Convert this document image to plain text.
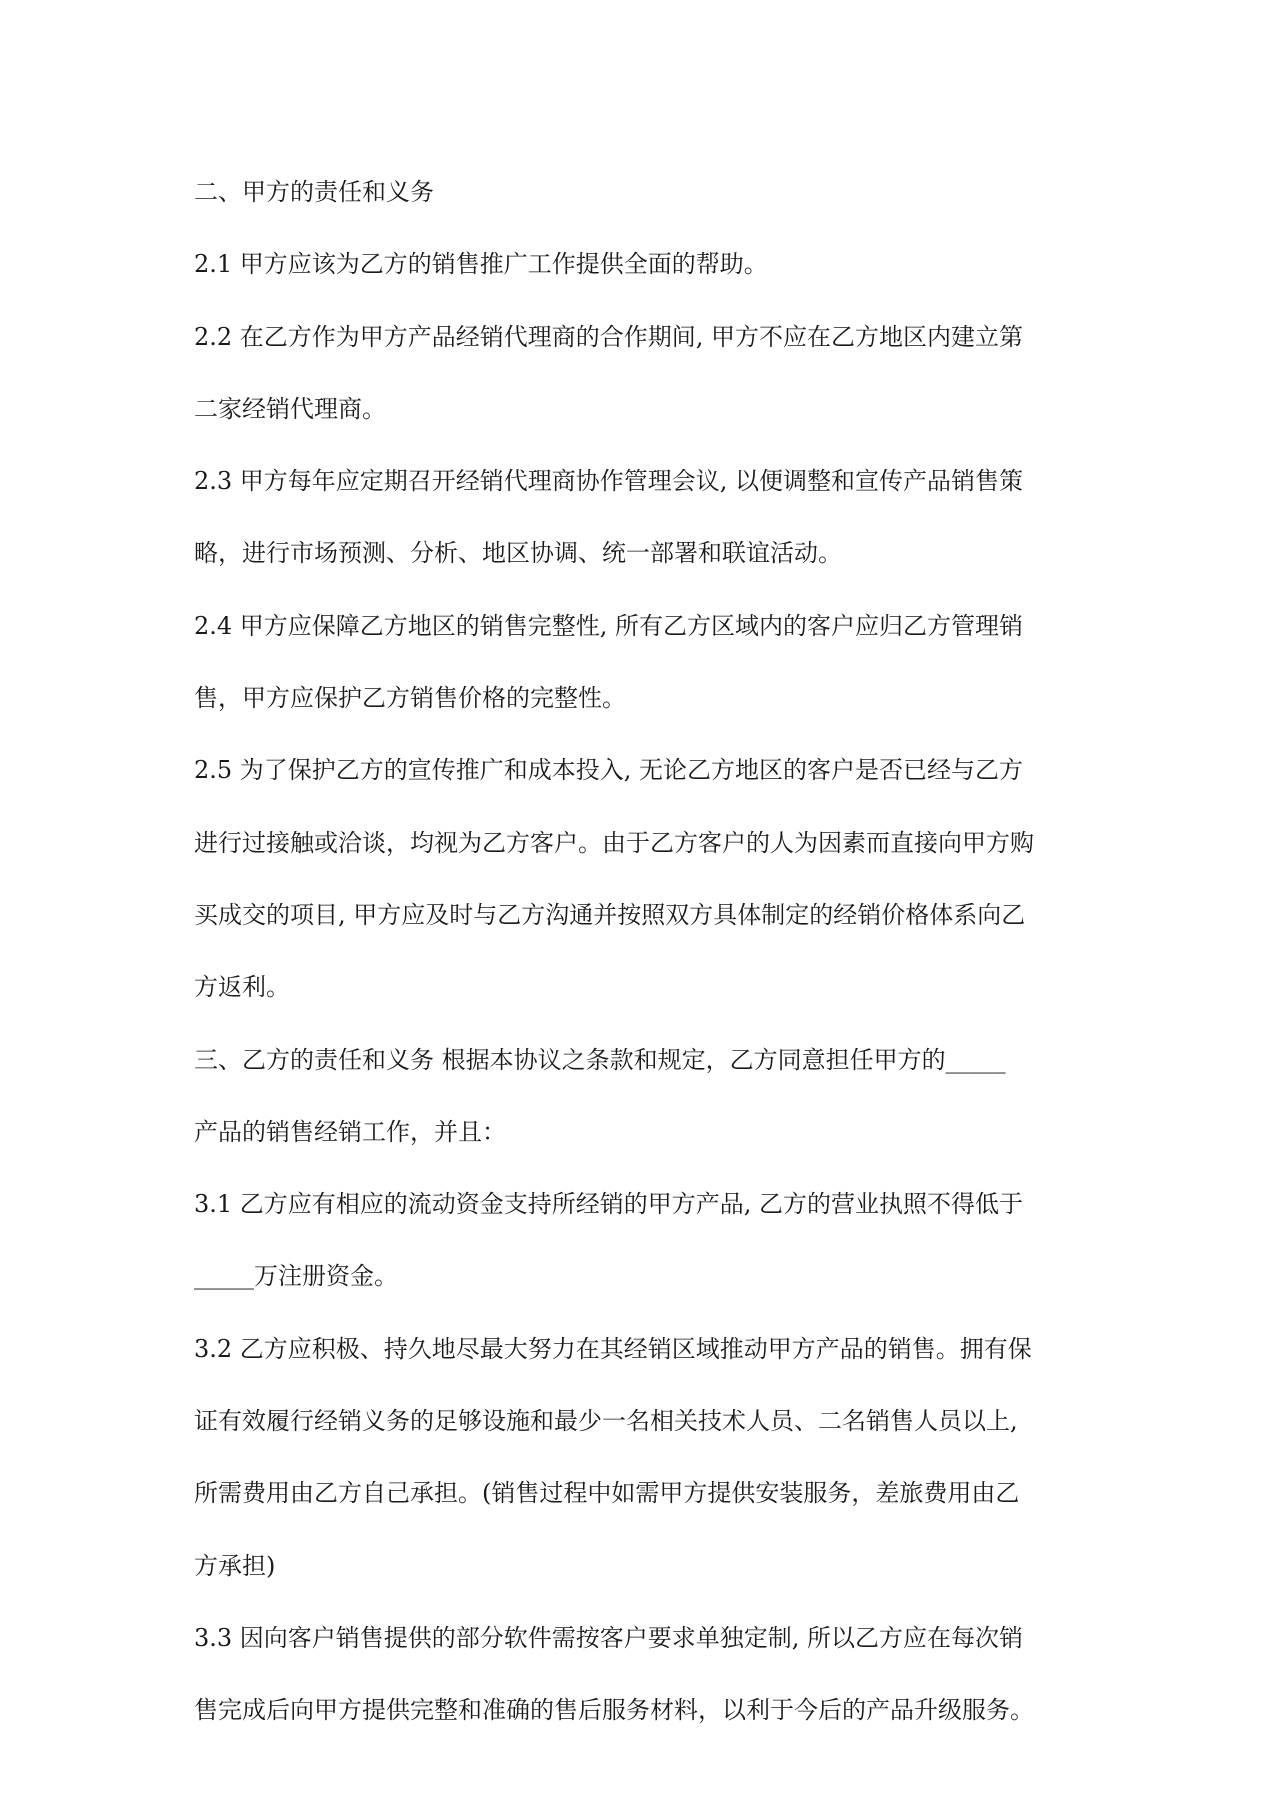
二、甲方的责任和义务
2.1 甲方应该为乙方的销售推广工作提供全面的帮助。
2.2 在乙方作为甲方产品经销代理商的合作期间, 甲方不应在乙方地区内建立第
二家经销代理商。
2.3 甲方每年应定期召开经销代理商协作管理会议, 以便调整和宣传产品销售策
略，进行市场预测、分析、地区协调、统一部署和联谊活动。
2.4 甲方应保障乙方地区的销售完整性, 所有乙方区域内的客户应归乙方管理销
售，甲方应保护乙方销售价格的完整性。
2.5 为了保护乙方的宣传推广和成本投入, 无论乙方地区的客户是否已经与乙方
进行过接触或洽谈，均视为乙方客户。由于乙方客户的人为因素而直接向甲方购
买成交的项目, 甲方应及时与乙方沟通并按照双方具体制定的经销价格体系向乙
方返利。
三、乙方的责任和义务 根据本协议之条款和规定，乙方同意担任甲方的_____
产品的销售经销工作，并且：
3.1 乙方应有相应的流动资金支持所经销的甲方产品, 乙方的营业执照不得低于
_____万注册资金。
3.2 乙方应积极、持久地尽最大努力在其经销区域推动甲方产品的销售。拥有保
证有效履行经销义务的足够设施和最少一名相关技术人员、二名销售人员以上,
所需费用由乙方自己承担。(销售过程中如需甲方提供安装服务，差旅费用由乙
方承担)
3.3 因向客户销售提供的部分软件需按客户要求单独定制, 所以乙方应在每次销
售完成后向甲方提供完整和准确的售后服务材料，以利于今后的产品升级服务。
